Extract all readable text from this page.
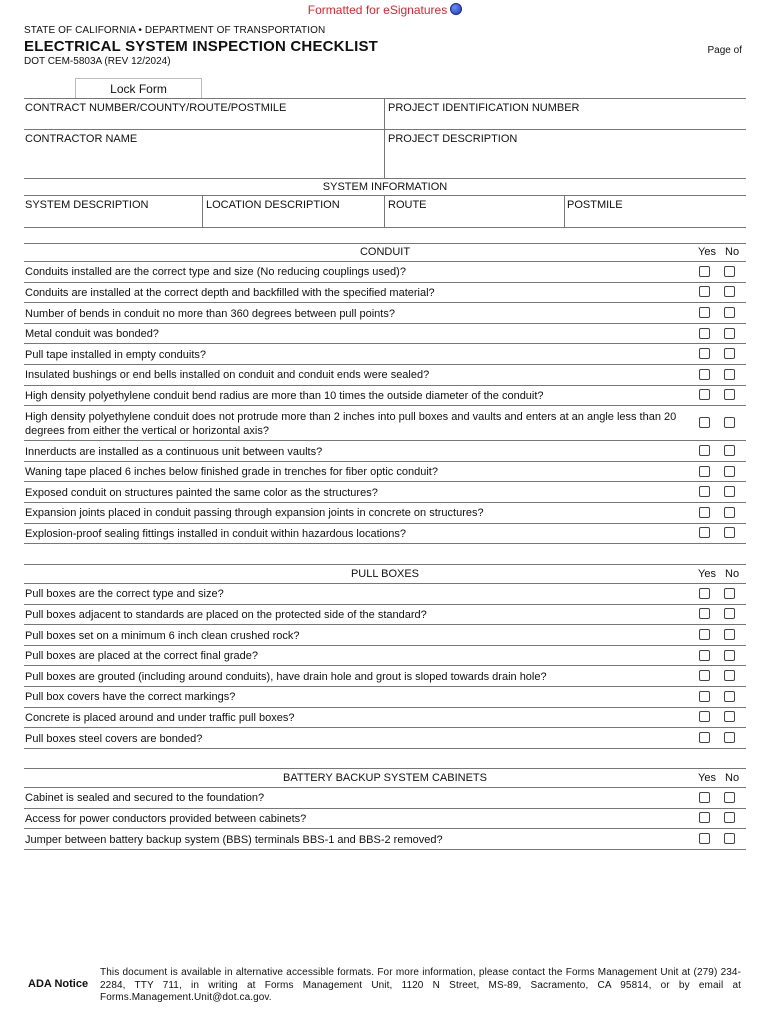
Formatted for eSignatures
STATE OF CALIFORNIA • DEPARTMENT OF TRANSPORTATION
ELECTRICAL SYSTEM INSPECTION CHECKLIST
DOT CEM-5803A (REV 12/2024)
Page of
Lock Form
CONTRACT NUMBER/COUNTY/ROUTE/POSTMILE	PROJECT IDENTIFICATION NUMBER
CONTRACTOR NAME	PROJECT DESCRIPTION
SYSTEM INFORMATION
SYSTEM DESCRIPTION	LOCATION DESCRIPTION	ROUTE	POSTMILE
CONDUIT	Yes No
Conduits installed are the correct type and size (No reducing couplings used)?
Conduits are installed at the correct depth and backfilled with the specified material?
Number of bends in conduit no more than 360 degrees between pull points?
Metal conduit was bonded?
Pull tape installed in empty conduits?
Insulated bushings or end bells installed on conduit and conduit ends were sealed?
High density polyethylene conduit bend radius are more than 10 times the outside diameter of the conduit?
High density polyethylene conduit does not protrude more than 2 inches into pull boxes and vaults and enters at an angle less than 20 degrees from either the vertical or horizontal axis?
Innerducts are installed as a continuous unit between vaults?
Waning tape placed 6 inches below finished grade in trenches for fiber optic conduit?
Exposed conduit on structures painted the same color as the structures?
Expansion joints placed in conduit passing through expansion joints in concrete on structures?
Explosion-proof sealing fittings installed in conduit within hazardous locations?
PULL BOXES	Yes No
Pull boxes are the correct type and size?
Pull boxes adjacent to standards are placed on the protected side of the standard?
Pull boxes set on a minimum 6 inch clean crushed rock?
Pull boxes are placed at the correct final grade?
Pull boxes are grouted (including around conduits), have drain hole and grout is sloped towards drain hole?
Pull box covers have the correct markings?
Concrete is placed around and under traffic pull boxes?
Pull boxes steel covers are bonded?
BATTERY BACKUP SYSTEM CABINETS	Yes No
Cabinet is sealed and secured to the foundation?
Access for power conductors provided between cabinets?
Jumper between battery backup system (BBS) terminals BBS-1 and BBS-2 removed?
ADA Notice
This document is available in alternative accessible formats. For more information, please contact the Forms Management Unit at (279) 234-2284, TTY 711, in writing at Forms Management Unit, 1120 N Street, MS-89, Sacramento, CA 95814, or by email at Forms.Management.Unit@dot.ca.gov.
